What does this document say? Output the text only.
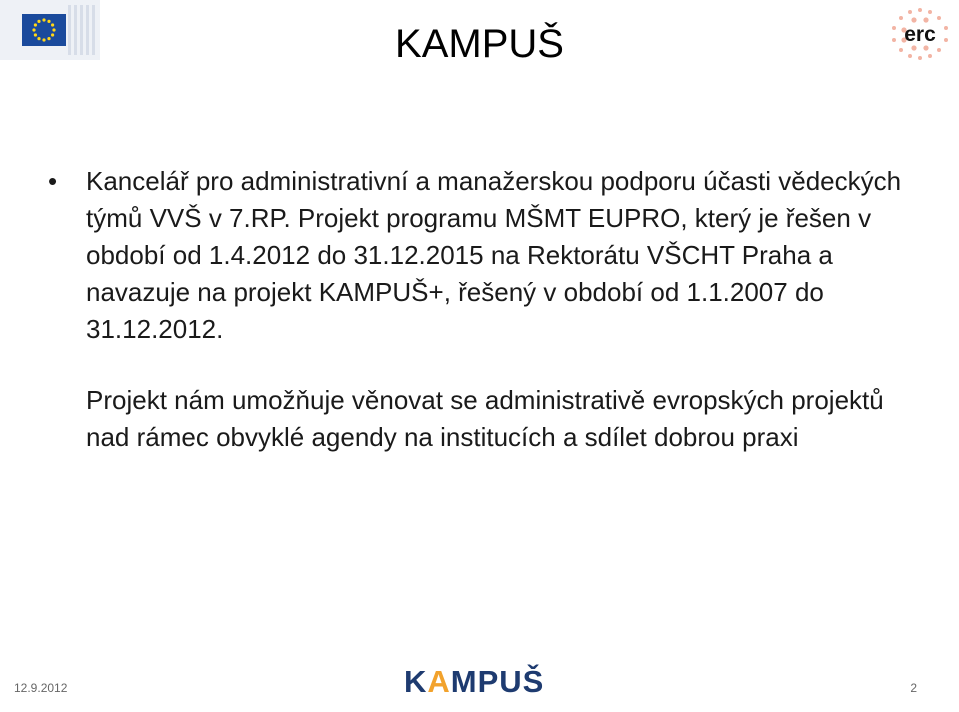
erc
KAMPUŠ
• Kancelář pro administrativní a manažerskou podporu účasti vědeckých týmů VVŠ v 7.RP. Projekt programu MŠMT EUPRO, který je řešen v období od 1.4.2012 do 31.12.2015 na Rektorátu VŠCHT Praha a navazuje na projekt KAMPUŠ+, řešený v období od 1.1.2007 do 31.12.2012.
Projekt nám umožňuje věnovat se administrativě evropských projektů nad rámec obvyklé agendy na institucích a sdílet dobrou praxi
12.9.2012	KAMPUŠ	2
